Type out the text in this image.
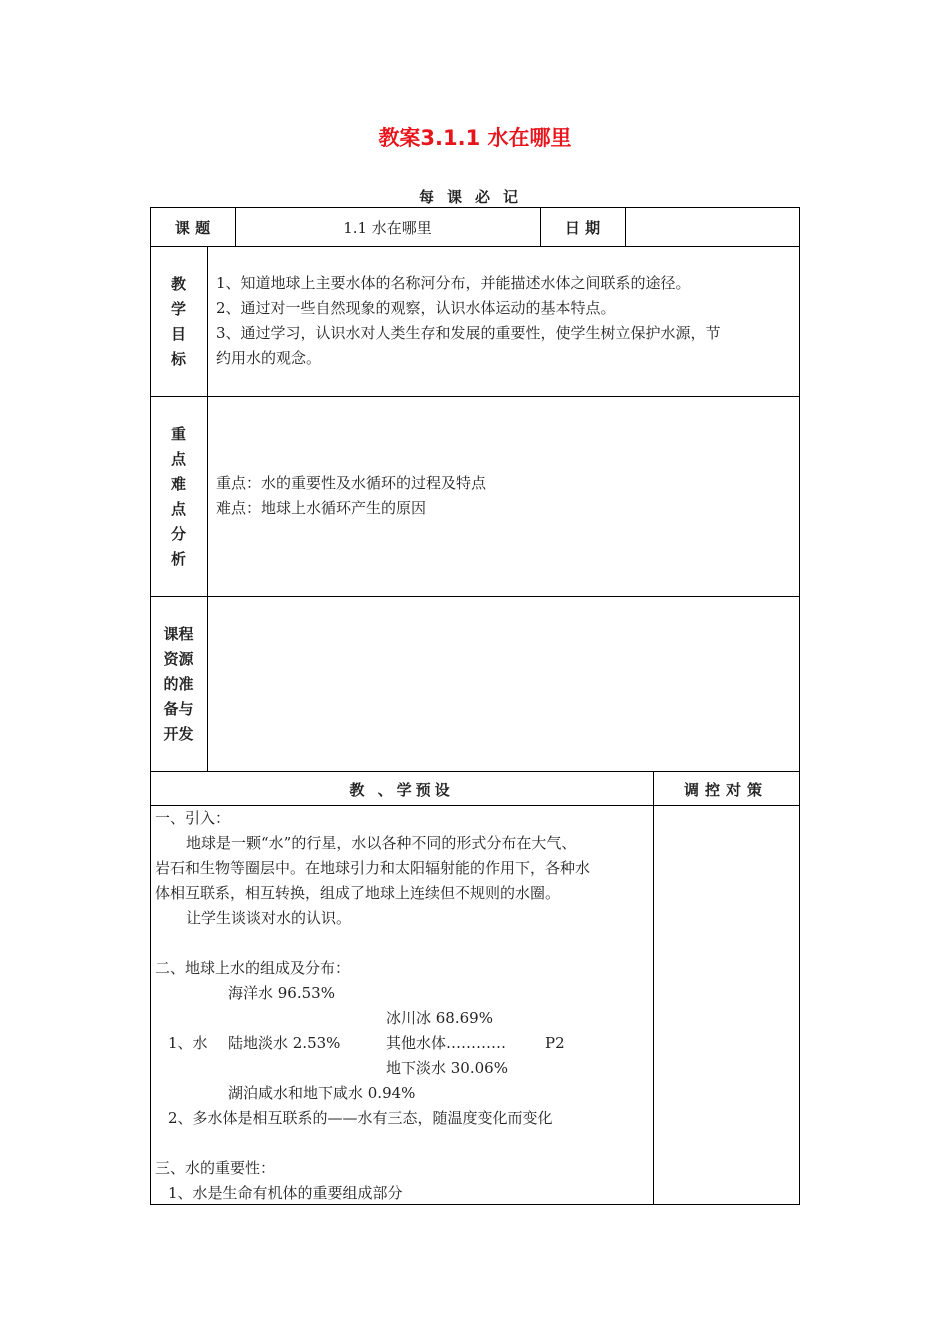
教案3.1.1 水在哪里
每课必记
课 题	1.1 水在哪里	日 期
教
学
目
标
1、知道地球上主要水体的名称河分布，并能描述水体之间联系的途径。
2、通过对一些自然现象的观察，认识水体运动的基本特点。
3、通过学习，认识水对人类生存和发展的重要性，使学生树立保护水源，节
约用水的观念。
重
点
难
点
分
析
重点：水的重要性及水循环的过程及特点
难点：地球上水循环产生的原因
课程
资源
的准
备与
开发
教 、学预设	调控对策
一、引入：
地球是一颗“水”的行星，水以各种不同的形式分布在大气、
岩石和生物等圈层中。在地球引力和太阳辐射能的作用下，各种水
体相互联系，相互转换，组成了地球上连续但不规则的水圈。
让学生谈谈对水的认识。
二、地球上水的组成及分布：
海洋水 96.53%
冰川冰 68.69%
1、水 陆地淡水 2.53%	其他水体…………	P2
地下淡水 30.06%
湖泊咸水和地下咸水 0.94%
2、多水体是相互联系的——水有三态，随温度变化而变化
三、水的重要性：
1、水是生命有机体的重要组成部分
